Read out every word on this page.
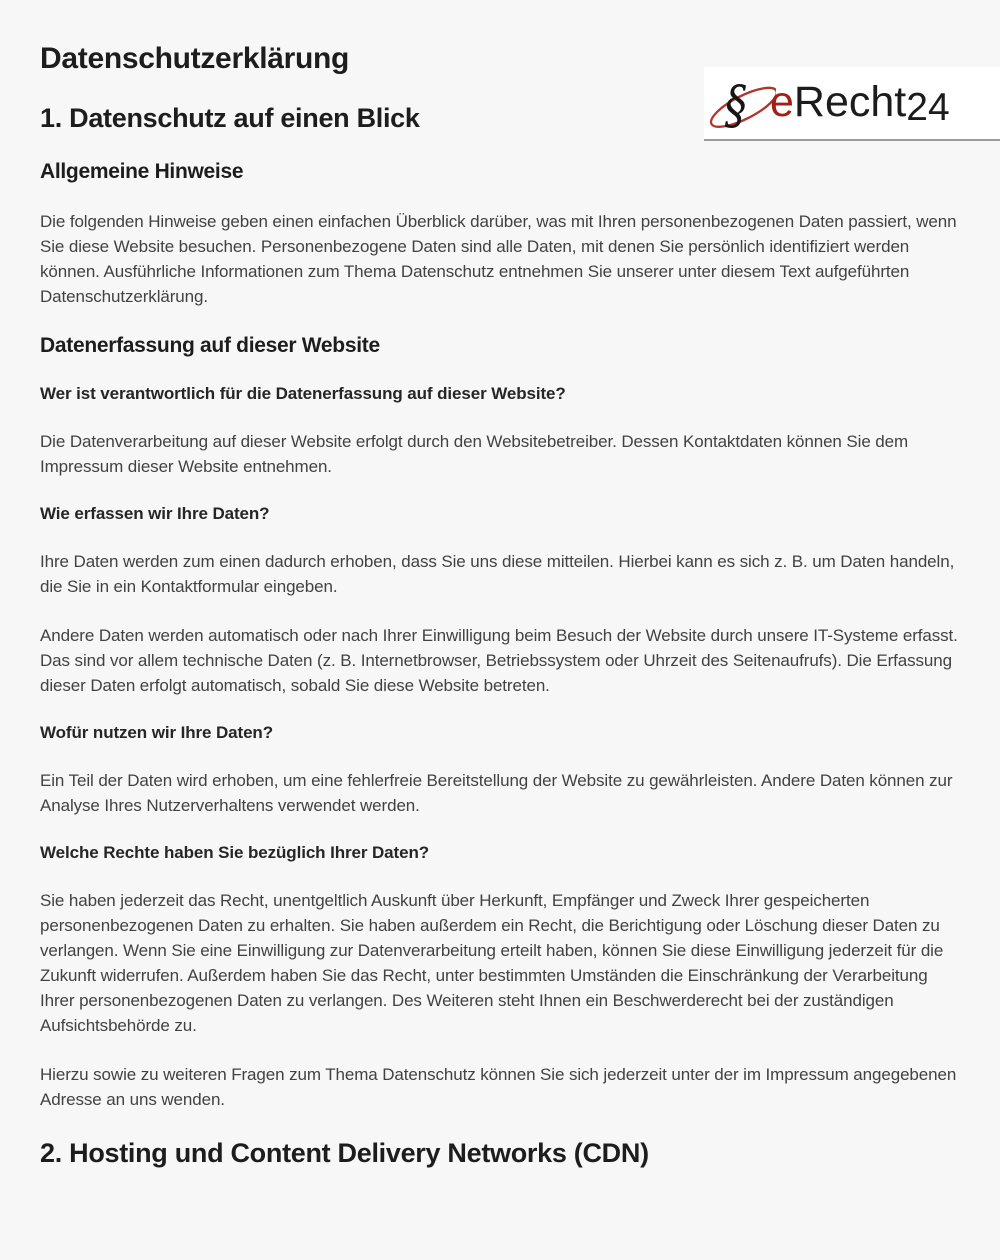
§ eRecht24
Datenschutzerklärung
1. Datenschutz auf einen Blick
Allgemeine Hinweise

Die folgenden Hinweise geben einen einfachen Überblick darüber, was mit Ihren personenbezogenen Daten passiert, wenn Sie diese Website besuchen. Personenbezogene Daten sind alle Daten, mit denen Sie persönlich identifiziert werden können. Ausführliche Informationen zum Thema Datenschutz entnehmen Sie unserer unter diesem Text aufgeführten Datenschutzerklärung.

Datenerfassung auf dieser Website
Wer ist verantwortlich für die Datenerfassung auf dieser Website?

Die Datenverarbeitung auf dieser Website erfolgt durch den Websitebetreiber. Dessen Kontaktdaten können Sie dem Impressum dieser Website entnehmen.

Wie erfassen wir Ihre Daten?

Ihre Daten werden zum einen dadurch erhoben, dass Sie uns diese mitteilen. Hierbei kann es sich z. B. um Daten handeln, die Sie in ein Kontaktformular eingeben.

Andere Daten werden automatisch oder nach Ihrer Einwilligung beim Besuch der Website durch unsere IT-Systeme erfasst. Das sind vor allem technische Daten (z. B. Internetbrowser, Betriebssystem oder Uhrzeit des Seitenaufrufs). Die Erfassung dieser Daten erfolgt automatisch, sobald Sie diese Website betreten.

Wofür nutzen wir Ihre Daten?

Ein Teil der Daten wird erhoben, um eine fehlerfreie Bereitstellung der Website zu gewährleisten. Andere Daten können zur Analyse Ihres Nutzerverhaltens verwendet werden.

Welche Rechte haben Sie bezüglich Ihrer Daten?

Sie haben jederzeit das Recht, unentgeltlich Auskunft über Herkunft, Empfänger und Zweck Ihrer gespeicherten personenbezogenen Daten zu erhalten. Sie haben außerdem ein Recht, die Berichtigung oder Löschung dieser Daten zu verlangen. Wenn Sie eine Einwilligung zur Datenverarbeitung erteilt haben, können Sie diese Einwilligung jederzeit für die Zukunft widerrufen. Außerdem haben Sie das Recht, unter bestimmten Umständen die Einschränkung der Verarbeitung Ihrer personenbezogenen Daten zu verlangen. Des Weiteren steht Ihnen ein Beschwerderecht bei der zuständigen Aufsichtsbehörde zu.

Hierzu sowie zu weiteren Fragen zum Thema Datenschutz können Sie sich jederzeit unter der im Impressum angegebenen Adresse an uns wenden.

2. Hosting und Content Delivery Networks (CDN)
